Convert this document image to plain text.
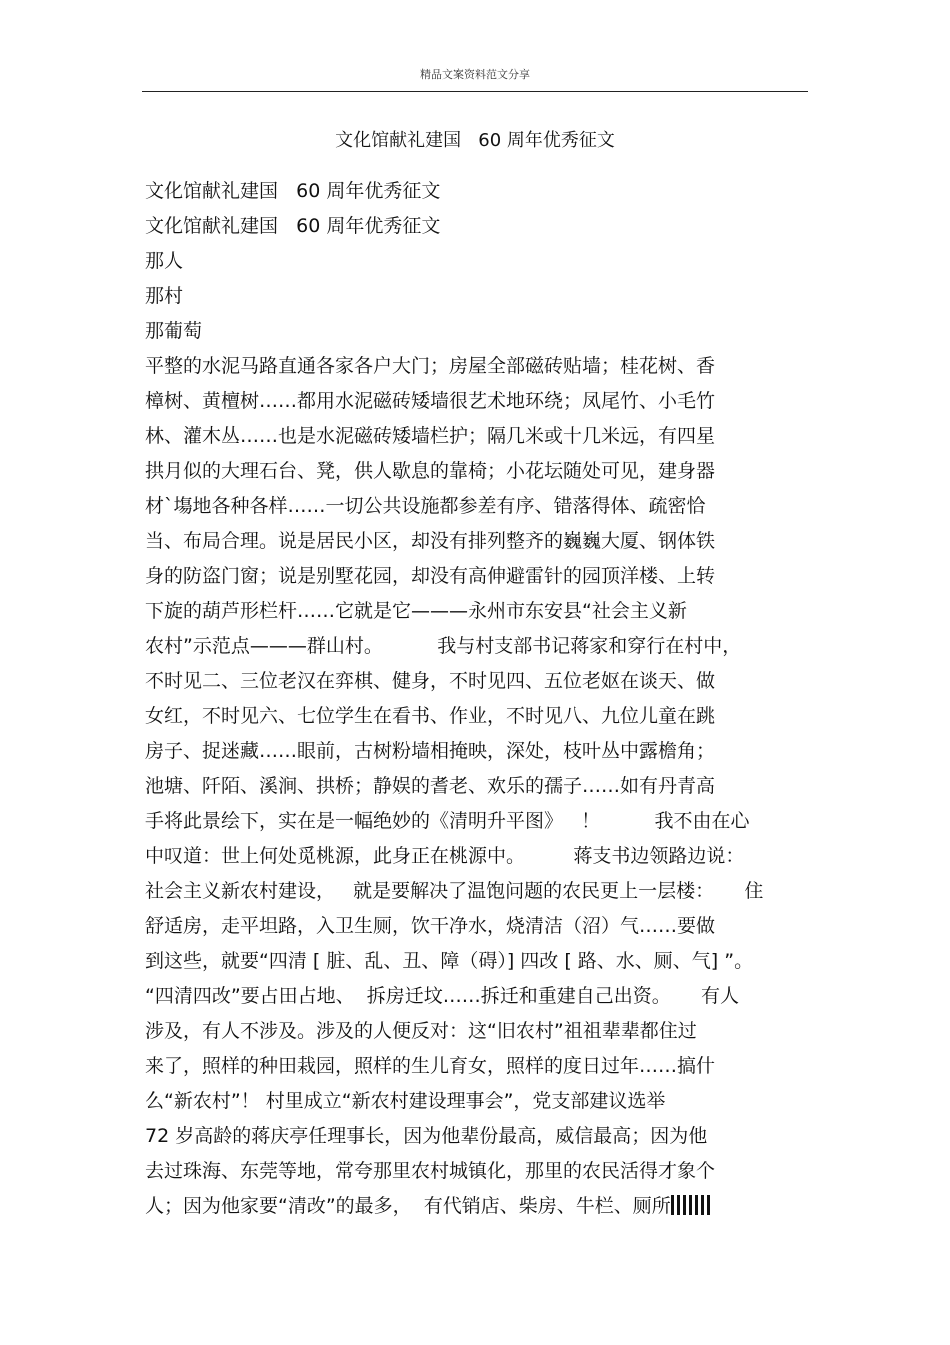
精品文案资料范文分享
文化馆献礼建国   60 周年优秀征文
文化馆献礼建国   60 周年优秀征文
文化馆献礼建国   60 周年优秀征文
那人
那村
那葡萄
平整的水泥马路直通各家各户大门；房屋全部磁砖贴墙；桂花树、香
樟树、黄檀树……都用水泥磁砖矮墙很艺术地环绕；凤尾竹、小毛竹
林、灌木丛……也是水泥磁砖矮墙栏护；隔几米或十几米远，有四星
拱月似的大理石台、凳，供人歇息的靠椅；小花坛随处可见，建身器
材`塲地各种各样……一切公共设施都参差有序、错落得体、疏密恰
当、布局合理。说是居民小区，却没有排列整齐的巍巍大厦、钢体铁
身的防盗门窗；说是别墅花园，却没有高伸避雷针的园顶洋楼、上转
下旋的葫芦形栏杆……它就是它———永州市东安县“社会主义新
农村”示范点———群山村。         我与村支部书记蒋家和穿行在村中，
不时见二、三位老汉在弈棋、健身，不时见四、五位老妪在谈天、做
女红，不时见六、七位学生在看书、作业，不时见八、九位儿童在跳
房子、捉迷藏……眼前，古树粉墙相掩映，深处，枝叶丛中露檐角；
池塘、阡陌、溪涧、拱桥；静娱的耆老、欢乐的孺子……如有丹青高
手将此景绘下，实在是一幅绝妙的《清明升平图》   ！         我不由在心
中叹道：世上何处觅桃源，此身正在桃源中。        蒋支书边领路边说：
社会主义新农村建设，   就是要解决了温饱问题的农民更上一层楼：     住
舒适房，走平坦路，入卫生厕，饮干净水，烧清洁（沼）气……要做
到这些，就要“四清 [ 脏、乱、丑、障（碍）] 四改 [ 路、水、厕、气] ”。
“四清四改”要占田占地、  拆房迁坟……拆迁和重建自己出资。     有人
涉及，有人不涉及。涉及的人便反对：这“旧农村”祖祖辈辈都住过
来了，照样的种田栽园，照样的生儿育女，照样的度日过年……搞什
么“新农村”！ 村里成立“新农村建设理事会”，党支部建议选举
72 岁高龄的蒋庆亭任理事长，因为他辈份最高，威信最高；因为他
去过珠海、东莞等地，常夸那里农村城镇化，那里的农民活得才象个
人；因为他家要“清改”的最多，  有代销店、柴房、牛栏、厕所
